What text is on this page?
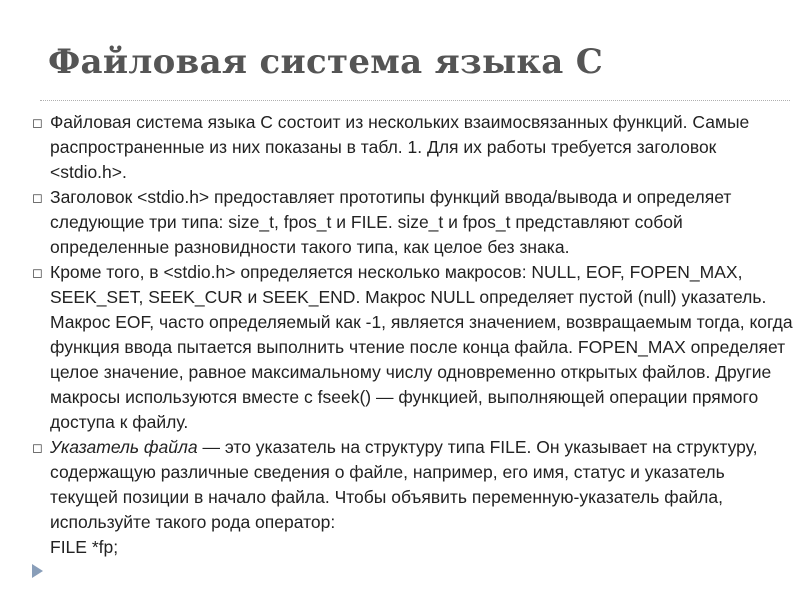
Файловая система языка С

◻ Файловая система языка С состоит из нескольких взаимосвязанных функций. Самые распространенные из них показаны в табл. 1. Для их работы требуется заголовок <stdio.h>.

◻ Заголовок <stdio.h> предоставляет прототипы функций ввода/вывода и определяет следующие три типа: size_t, fpos_t и FILE. size_t и fpos_t представляют собой определенные разновидности такого типа, как целое без знака.

◻ Кроме того, в <stdio.h> определяется несколько макросов: NULL, EOF, FOPEN_MAX, SEEK_SET, SEEK_CUR и SEEK_END. Макрос NULL определяет пустой (null) указатель. Макрос EOF, часто определяемый как -1, является значением, возвращаемым тогда, когда функция ввода пытается выполнить чтение после конца файла. FOPEN_MAX определяет целое значение, равное максимальному числу одновременно открытых файлов. Другие макросы используются вместе с fseek() — функцией, выполняющей операции прямого доступа к файлу.

◻ Указатель файла — это указатель на структуру типа FILE. Он указывает на структуру, содержащую различные сведения о файле, например, его имя, статус и указатель текущей позиции в начало файла. Чтобы объявить переменную-указатель файла, используйте такого рода оператор:

FILE *fp;
